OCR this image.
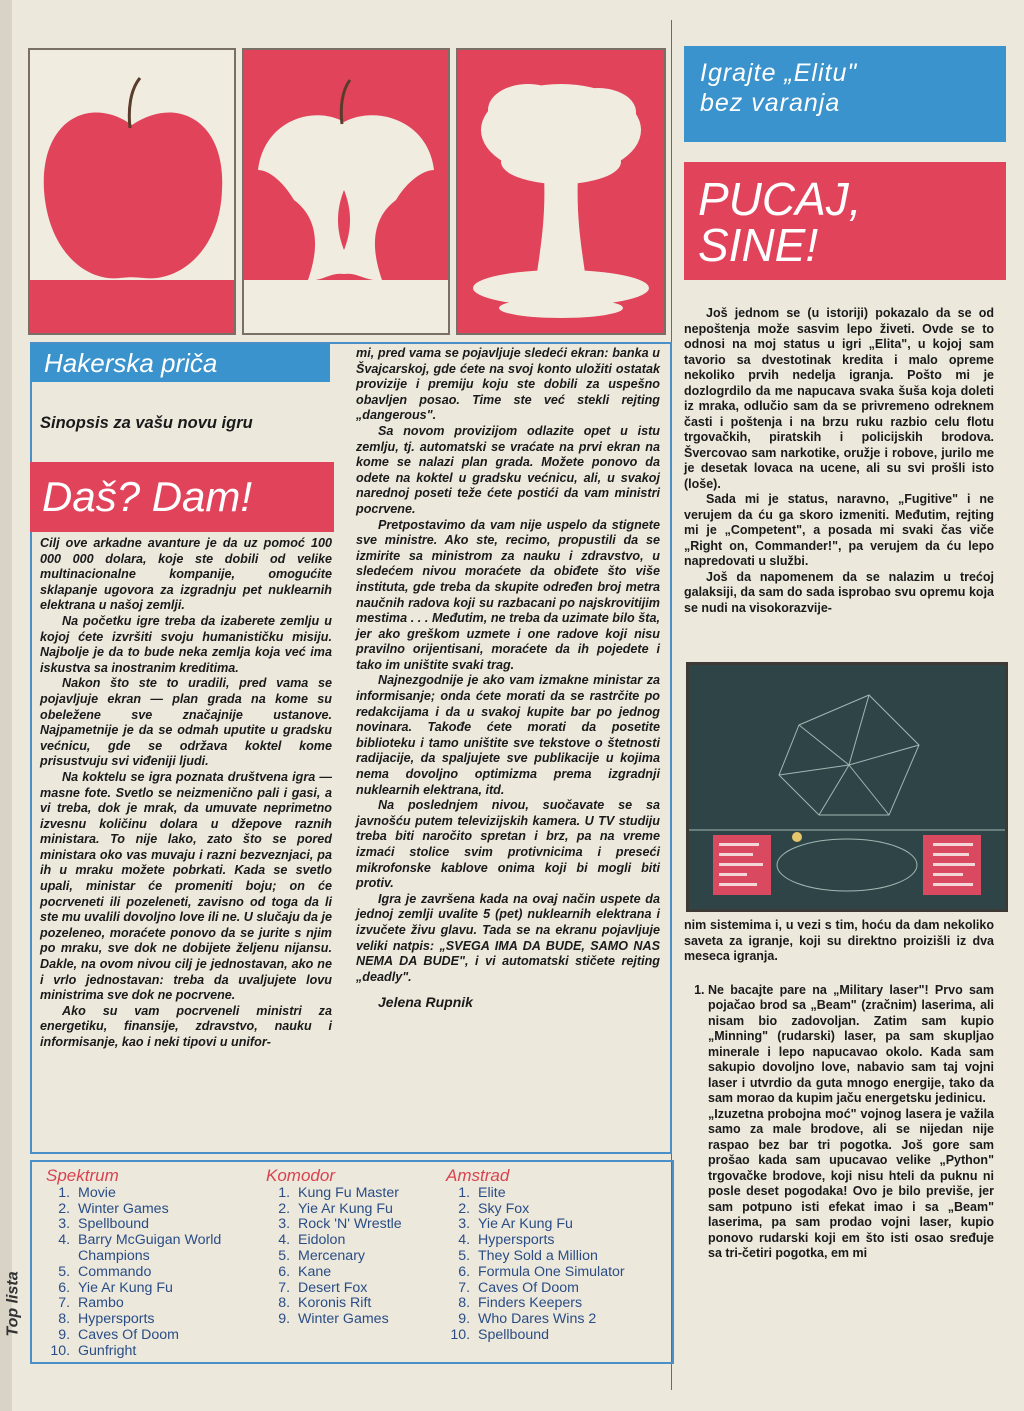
Hakerska priča
Sinopsis za vašu novu igru
Daš? Dam!

Cilj ove arkadne avanture je da uz pomoć 100 000 000 dolara, koje ste dobili od velike multinacionalne kompanije, omogućite sklapanje ugovora za izgradnju pet nuklearnih elektrana u našoj zemlji.

Na početku igre treba da izaberete zemlju u kojoj ćete izvršiti svoju humanističku misiju. Najbolje je da to bude neka zemlja koja već ima iskustva sa inostranim kreditima.

Nakon što ste to uradili, pred vama se pojavljuje ekran — plan grada na kome su obeležene sve značajnije ustanove. Najpametnije je da se odmah uputite u gradsku većnicu, gde se održava koktel kome prisustvuju svi viđeniji ljudi.

Na koktelu se igra poznata društvena igra — masne fote. Svetlo se neizmenično pali i gasi, a vi treba, dok je mrak, da umuvate neprimetno izvesnu količinu dolara u džepove raznih ministara. To nije lako, zato što se pored ministara oko vas muvaju i razni bezveznjaci, pa ih u mraku možete pobrkati. Kada se svetlo upali, ministar će promeniti boju; on će pocrveneti ili pozeleneti, zavisno od toga da li ste mu uvalili dovoljno love ili ne. U slučaju da je pozeleneo, moraćete ponovo da se jurite s njim po mraku, sve dok ne dobijete željenu nijansu. Dakle, na ovom nivou cilj je jednostavan, ako ne i vrlo jednostavan: treba da uvaljujete lovu ministrima sve dok ne pocrvene.

Ako su vam pocrveneli ministri za energetiku, finansije, zdravstvo, nauku i informisanje, kao i neki tipovi u unifor-

mi, pred vama se pojavljuje sledeći ekran: banka u Švajcarskoj, gde ćete na svoj konto uložiti ostatak provizije i premiju koju ste dobili za uspešno obavljen posao. Time ste već stekli rejting „dangerous".

Sa novom provizijom odlazite opet u istu zemlju, tj. automatski se vraćate na prvi ekran na kome se nalazi plan grada. Možete ponovo da odete na koktel u gradsku većnicu, ali, u svakoj narednoj poseti teže ćete postići da vam ministri pocrvene.

Pretpostavimo da vam nije uspelo da stignete sve ministre. Ako ste, recimo, propustili da se izmirite sa ministrom za nauku i zdravstvo, u sledećem nivou moraćete da obiđete što više instituta, gde treba da skupite određen broj metra naučnih radova koji su razbacani po najskrovitijim mestima . . . Međutim, ne treba da uzimate bilo šta, jer ako greškom uzmete i one radove koji nisu pravilno orijentisani, moraćete da ih pojedete i tako im uništite svaki trag.

Najnezgodnije je ako vam izmakne ministar za informisanje; onda ćete morati da se rastrčite po redakcijama i da u svakoj kupite bar po jednog novinara. Takođe ćete morati da posetite biblioteku i tamo uništite sve tekstove o štetnosti radijacije, da spaljujete sve publikacije u kojima nema dovoljno optimizma prema izgradnji nuklearnih elektrana, itd.

Na poslednjem nivou, suočavate se sa javnošću putem televizijskih kamera. U TV studiju treba biti naročito spretan i brz, pa na vreme izmaći stolice svim protivnicima i preseći mikrofonske kablove onima koji bi mogli biti protiv.

Igra je završena kada na ovaj način uspete da jednoj zemlji uvalite 5 (pet) nuklearnih elektrana i izvučete živu glavu. Tada se na ekranu pojavljuje veliki natpis: „SVEGA IMA DA BUDE, SAMO NAS NEMA DA BUDE", i vi automatski stičete rejting „deadly".

Jelena Rupnik

Igrajte „Elitu"
bez varanja
PUCAJ,
SINE!

Još jednom se (u istoriji) pokazalo da se od nepoštenja može sasvim lepo živeti. Ovde se to odnosi na moj status u igri „Elita", u kojoj sam tavorio sa dvestotinak kredita i malo opreme nekoliko prvih nedelja igranja. Pošto mi je dozlogrdilo da me napucava svaka šuša koja doleti iz mraka, odlučio sam da se privremeno odreknem časti i poštenja i na brzu ruku razbio celu flotu trgovačkih, piratskih i policijskih brodova. Švercovao sam narkotike, oružje i robove, jurilo me je desetak lovaca na ucene, ali su svi prošli isto (loše).

Sada mi je status, naravno, „Fugitive" i ne verujem da ću ga skoro izmeniti. Međutim, rejting mi je „Competent", a posada mi svaki čas viče „Right on, Commander!", pa verujem da ću lepo napredovati u službi.

Još da napomenem da se nalazim u trećoj galaksiji, da sam do sada isprobao svu opremu koja se nudi na visokorazvije-

nim sistemima i, u vezi s tim, hoću da dam nekoliko saveta za igranje, koji su direktno proizišli iz dva meseca igranja.

1. Ne bacajte pare na „Military laser"! Prvo sam pojačao brod sa „Beam" (zračnim) laserima, ali nisam bio zadovoljan. Zatim sam kupio „Minning" (rudarski) laser, pa sam skupljao minerale i lepo napucavao okolo. Kada sam sakupio dovoljno love, nabavio sam taj vojni laser i utvrdio da guta mnogo energije, tako da sam morao da kupim jaču energetsku jedinicu.

„Izuzetna probojna moć" vojnog lasera je važila samo za male brodove, ali se nijedan nije raspao bez bar tri pogotka. Još gore sam prošao kada sam upucavao velike „Python" trgovačke brodove, koji nisu hteli da puknu ni posle deset pogodaka! Ovo je bilo previše, jer sam potpuno isti efekat imao i sa „Beam" laserima, pa sam prodao vojni laser, kupio ponovo rudarski koji em što isti osao sređuje sa tri-četiri pogotka, em mi

Spektrum
1. Movie
2. Winter Games
3. Spellbound
4. Barry McGuigan World Champions
5. Commando
6. Yie Ar Kung Fu
7. Rambo
8. Hypersports
9. Caves Of Doom
10. Gunfright
Komodor
1. Kung Fu Master
2. Yie Ar Kung Fu
3. Rock 'N' Wrestle
4. Eidolon
5. Mercenary
6. Kane
7. Desert Fox
8. Koronis Rift
9. Winter Games
Amstrad
1. Elite
2. Sky Fox
3. Yie Ar Kung Fu
4. Hypersports
5. They Sold a Million
6. Formula One Simulator
7. Caves Of Doom
8. Finders Keepers
9. Who Dares Wins 2
10. Spellbound
Top lista
